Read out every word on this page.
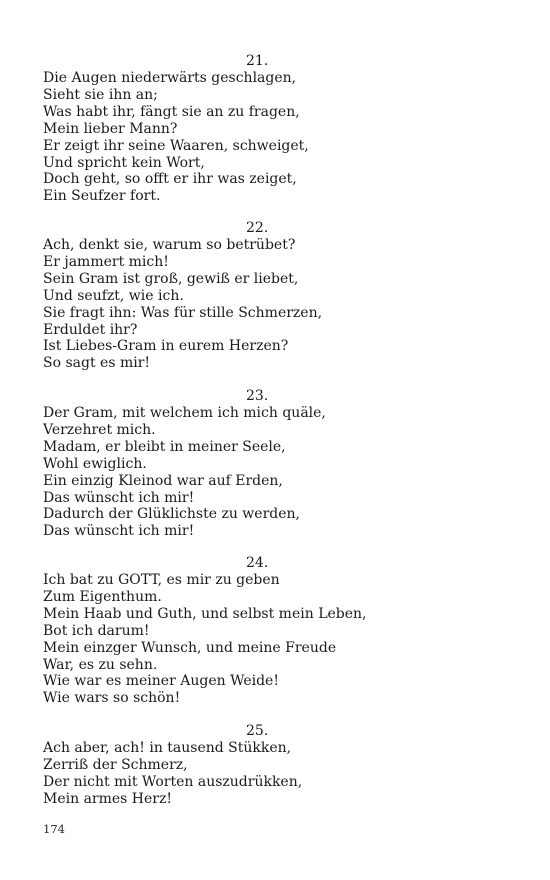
21.
Die Augen niederwärts geschlagen,
Sieht sie ihn an;
Was habt ihr, fängt sie an zu fragen,
Mein lieber Mann?
Er zeigt ihr seine Waaren, schweiget,
Und spricht kein Wort,
Doch geht, so offt er ihr was zeiget,
Ein Seufzer fort.
22.
Ach, denkt sie, warum so betrübet?
Er jammert mich!
Sein Gram ist groß, gewiß er liebet,
Und seufzt, wie ich.
Sie fragt ihn: Was für stille Schmerzen,
Erduldet ihr?
Ist Liebes-Gram in eurem Herzen?
So sagt es mir!
23.
Der Gram, mit welchem ich mich quäle,
Verzehret mich.
Madam, er bleibt in meiner Seele,
Wohl ewiglich.
Ein einzig Kleinod war auf Erden,
Das wünscht ich mir!
Dadurch der Glüklichste zu werden,
Das wünscht ich mir!
24.
Ich bat zu GOTT, es mir zu geben
Zum Eigenthum.
Mein Haab und Guth, und selbst mein Leben,
Bot ich darum!
Mein einzger Wunsch, und meine Freude
War, es zu sehn.
Wie war es meiner Augen Weide!
Wie wars so schön!
25.
Ach aber, ach! in tausend Stükken,
Zerriß der Schmerz,
Der nicht mit Worten auszudrükken,
Mein armes Herz!
174
